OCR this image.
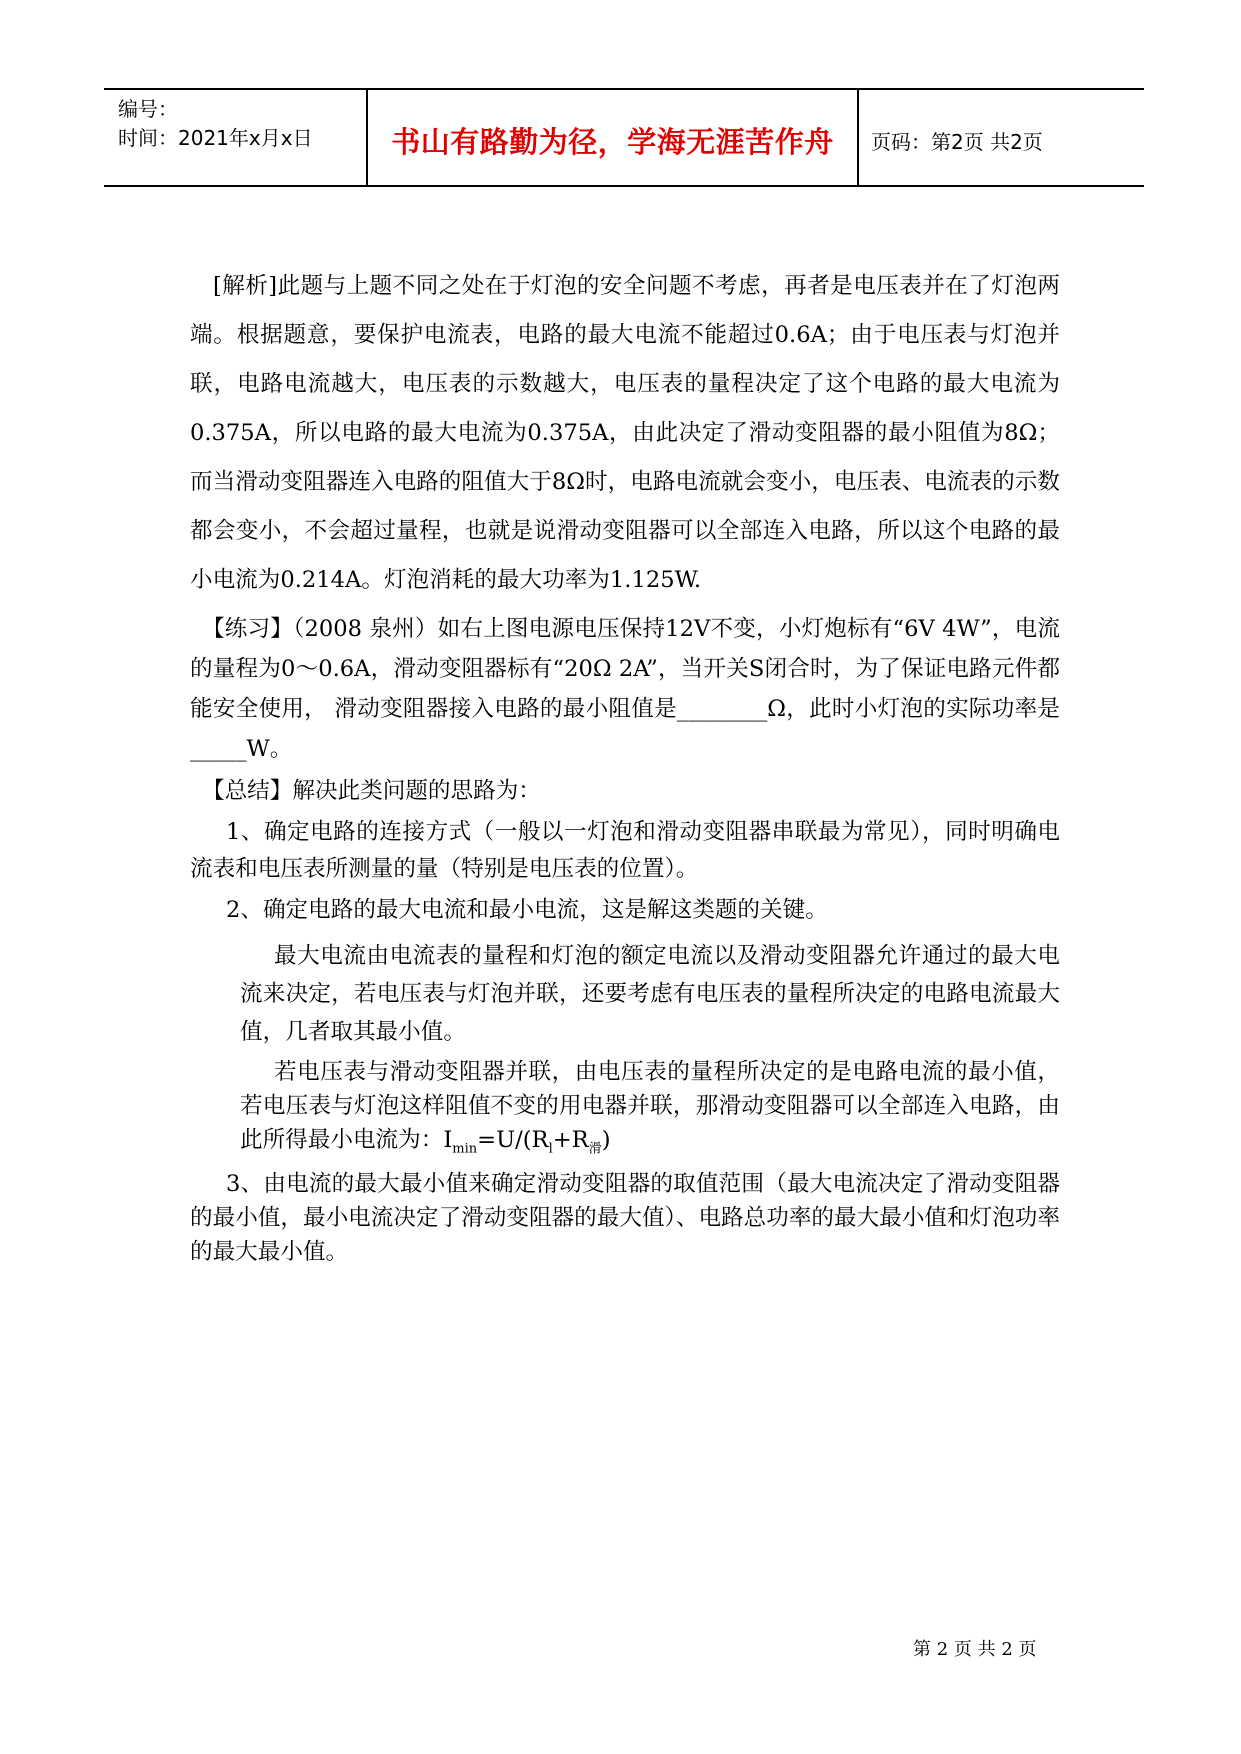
编号：
时间：2021年x月x日	书山有路勤为径，学海无涯苦作舟	页码：第2页 共2页

[解析]此题与上题不同之处在于灯泡的安全问题不考虑，再者是电压表并在了灯泡两端。根据题意，要保护电流表，电路的最大电流不能超过0.6A；由于电压表与灯泡并联，电路电流越大，电压表的示数越大，电压表的量程决定了这个电路的最大电流为0.375A，所以电路的最大电流为0.375A，由此决定了滑动变阻器的最小阻值为8Ω；而当滑动变阻器连入电路的阻值大于8Ω时，电路电流就会变小，电压表、电流表的示数都会变小，不会超过量程，也就是说滑动变阻器可以全部连入电路，所以这个电路的最小电流为0.214A。灯泡消耗的最大功率为1.125W.

【练习】（2008 泉州）如右上图电源电压保持12V不变，小灯炮标有“6V 4W”，电流的量程为0～0.6A，滑动变阻器标有“20Ω 2A”，当开关S闭合时，为了保证电路元件都能安全使用， 滑动变阻器接入电路的最小阻值是________Ω，此时小灯泡的实际功率是_____W。

【总结】解决此类问题的思路为：

1、确定电路的连接方式（一般以一灯泡和滑动变阻器串联最为常见），同时明确电流表和电压表所测量的量（特别是电压表的位置）。

2、确定电路的最大电流和最小电流，这是解这类题的关键。

最大电流由电流表的量程和灯泡的额定电流以及滑动变阻器允许通过的最大电流来决定，若电压表与灯泡并联，还要考虑有电压表的量程所决定的电路电流最大值，几者取其最小值。

若电压表与滑动变阻器并联，由电压表的量程所决定的是电路电流的最小值，若电压表与灯泡这样阻值不变的用电器并联，那滑动变阻器可以全部连入电路，由此所得最小电流为：$I_{min}=U/(R_l+R_滑)$

3、由电流的最大最小值来确定滑动变阻器的取值范围（最大电流决定了滑动变阻器的最小值，最小电流决定了滑动变阻器的最大值）、电路总功率的最大最小值和灯泡功率的最大最小值。

第 2 页 共 2 页
